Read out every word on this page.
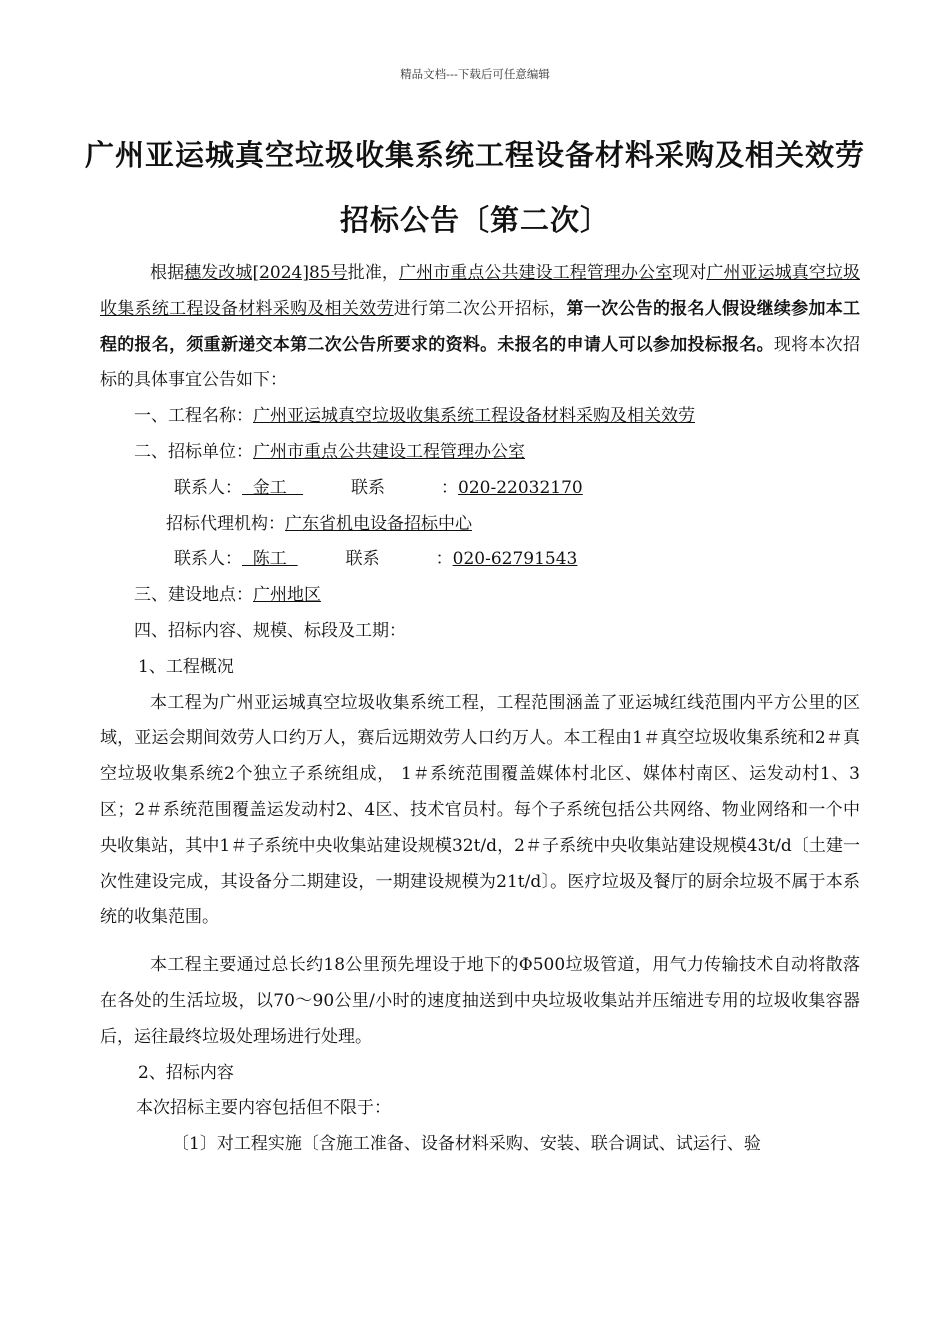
精品文档---下载后可任意编辑
广州亚运城真空垃圾收集系统工程设备材料采购及相关效劳
招标公告〔第二次〕

根据穗发改城[2024]85号批准，广州市重点公共建设工程管理办公室现对广州亚运城真空垃圾收集系统工程设备材料采购及相关效劳进行第二次公开招标，第一次公告的报名人假设继续参加本工程的报名，须重新递交本第二次公告所要求的资料。未报名的申请人可以参加投标报名。现将本次招标的具体事宜公告如下：

一、工程名称：广州亚运城真空垃圾收集系统工程设备材料采购及相关效劳

二、招标单位：广州市重点公共建设工程管理办公室

联系人：  金工	联系	：020-22032170

招标代理机构：广东省机电设备招标中心

联系人：  陈工	联系	：020-62791543

三、建设地点：广州地区

四、招标内容、规模、标段及工期：

1、工程概况

本工程为广州亚运城真空垃圾收集系统工程，工程范围涵盖了亚运城红线范围内平方公里的区域，亚运会期间效劳人口约万人，赛后远期效劳人口约万人。本工程由1＃真空垃圾收集系统和2＃真空垃圾收集系统2个独立子系统组成， 1＃系统范围覆盖媒体村北区、媒体村南区、运发动村1、3区；2＃系统范围覆盖运发动村2、4区、技术官员村。每个子系统包括公共网络、物业网络和一个中央收集站，其中1＃子系统中央收集站建设规模32t/d，2＃子系统中央收集站建设规模43t/d〔土建一次性建设完成，其设备分二期建设，一期建设规模为21t/d〕。医疗垃圾及餐厅的厨余垃圾不属于本系统的收集范围。

本工程主要通过总长约18公里预先埋设于地下的Φ500垃圾管道，用气力传输技术自动将散落在各处的生活垃圾，以70～90公里/小时的速度抽送到中央垃圾收集站并压缩进专用的垃圾收集容器后，运往最终垃圾处理场进行处理。

2、招标内容

本次招标主要内容包括但不限于：

〔1〕对工程实施〔含施工准备、设备材料采购、安装、联合调试、试运行、验
